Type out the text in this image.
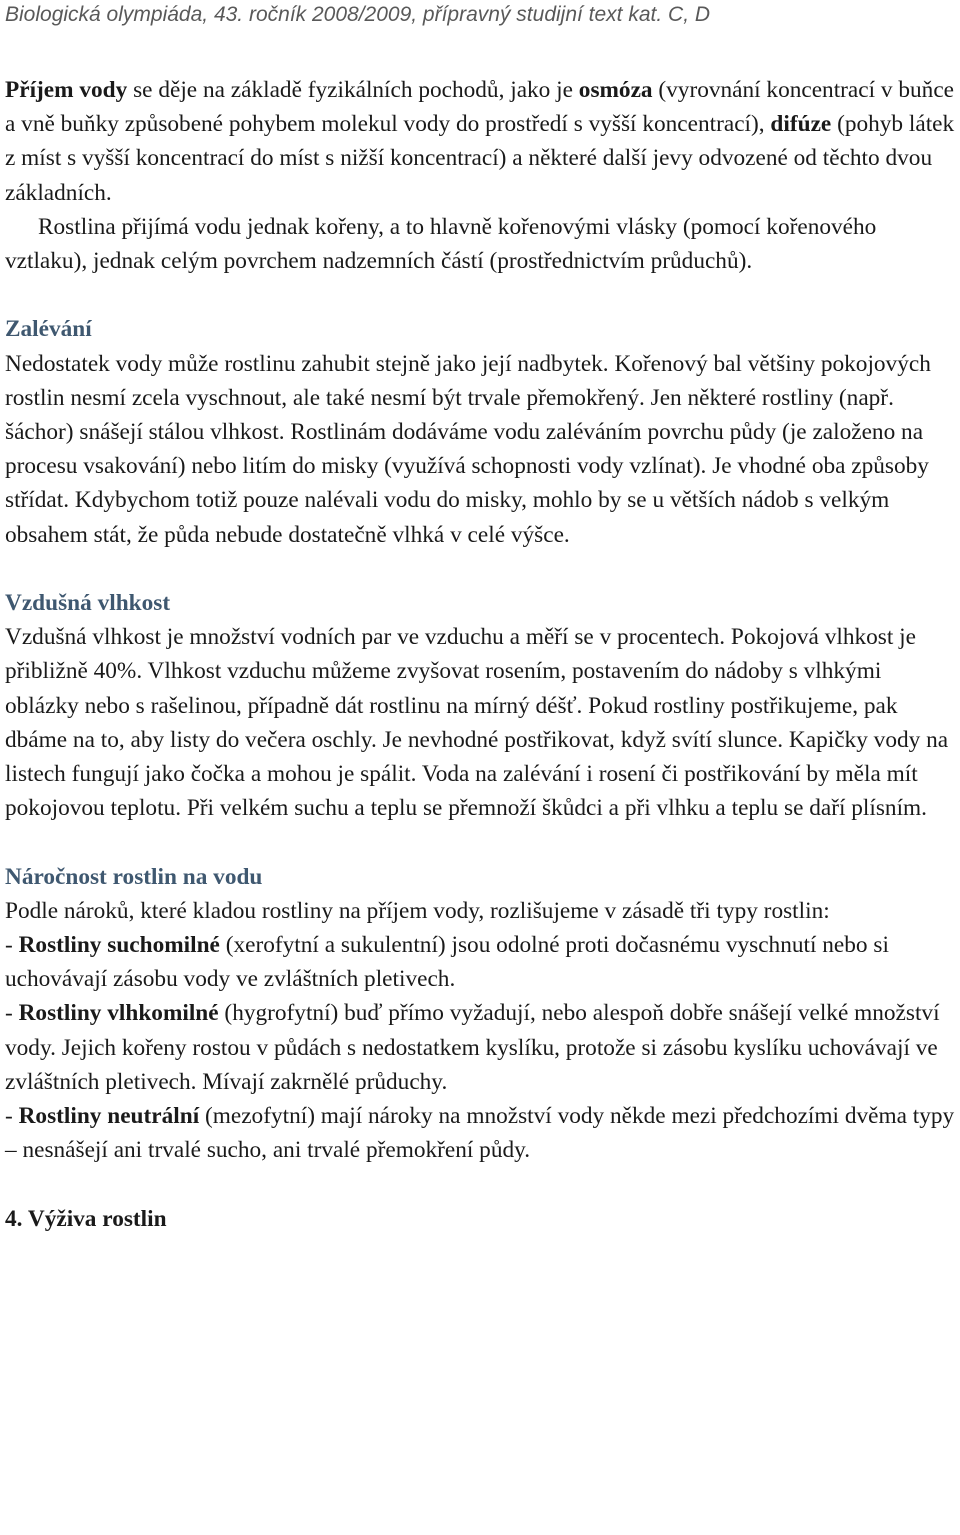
Biologická olympiáda, 43. ročník 2008/2009, přípravný studijní text kat. C, D

Příjem vody se děje na základě fyzikálních pochodů, jako je osmóza (vyrovnání koncentrací v buňce a vně buňky způsobené pohybem molekul vody do prostředí s vyšší koncentrací), difúze (pohyb látek z míst s vyšší koncentrací do míst s nižší koncentrací) a některé další jevy odvozené od těchto dvou základních.

Rostlina přijímá vodu jednak kořeny, a to hlavně kořenovými vlásky (pomocí kořenového vztlaku), jednak celým povrchem nadzemních částí (prostřednictvím průduchů).

Zalévání

Nedostatek vody může rostlinu zahubit stejně jako její nadbytek. Kořenový bal většiny pokojových rostlin nesmí zcela vyschnout, ale také nesmí být trvale přemokřený. Jen některé rostliny (např. šáchor) snášejí stálou vlhkost. Rostlinám dodáváme vodu zaléváním povrchu půdy (je založeno na procesu vsakování) nebo litím do misky (využívá schopnosti vody vzlínat). Je vhodné oba způsoby střídat. Kdybychom totiž pouze nalévali vodu do misky, mohlo by se u větších nádob s velkým obsahem stát, že půda nebude dostatečně vlhká v celé výšce.

Vzdušná vlhkost

Vzdušná vlhkost je množství vodních par ve vzduchu a měří se v procentech. Pokojová vlhkost je přibližně 40%. Vlhkost vzduchu můžeme zvyšovat rosením, postavením do nádoby s vlhkými oblázky nebo s rašelinou, případně dát rostlinu na mírný déšť. Pokud rostliny postřikujeme, pak dbáme na to, aby listy do večera oschly. Je nevhodné postřikovat, když svítí slunce. Kapičky vody na listech fungují jako čočka a mohou je spálit. Voda na zalévání i rosení či postřikování by měla mít pokojovou teplotu. Při velkém suchu a teplu se přemnoží škůdci a při vlhku a teplu se daří plísním.

Náročnost rostlin na vodu

Podle nároků, které kladou rostliny na příjem vody, rozlišujeme v zásadě tři typy rostlin:

- Rostliny suchomilné (xerofytní a sukulentní) jsou odolné proti dočasnému vyschnutí nebo si uchovávají zásobu vody ve zvláštních pletivech.

- Rostliny vlhkomilné (hygrofytní) buď přímo vyžadují, nebo alespoň dobře snášejí velké množství vody. Jejich kořeny rostou v půdách s nedostatkem kyslíku, protože si zásobu kyslíku uchovávají ve zvláštních pletivech. Mívají zakrnělé průduchy.

- Rostliny neutrální (mezofytní) mají nároky na množství vody někde mezi předchozími dvěma typy – nesnášejí ani trvalé sucho, ani trvalé přemokření půdy.

4. Výživa rostlin
